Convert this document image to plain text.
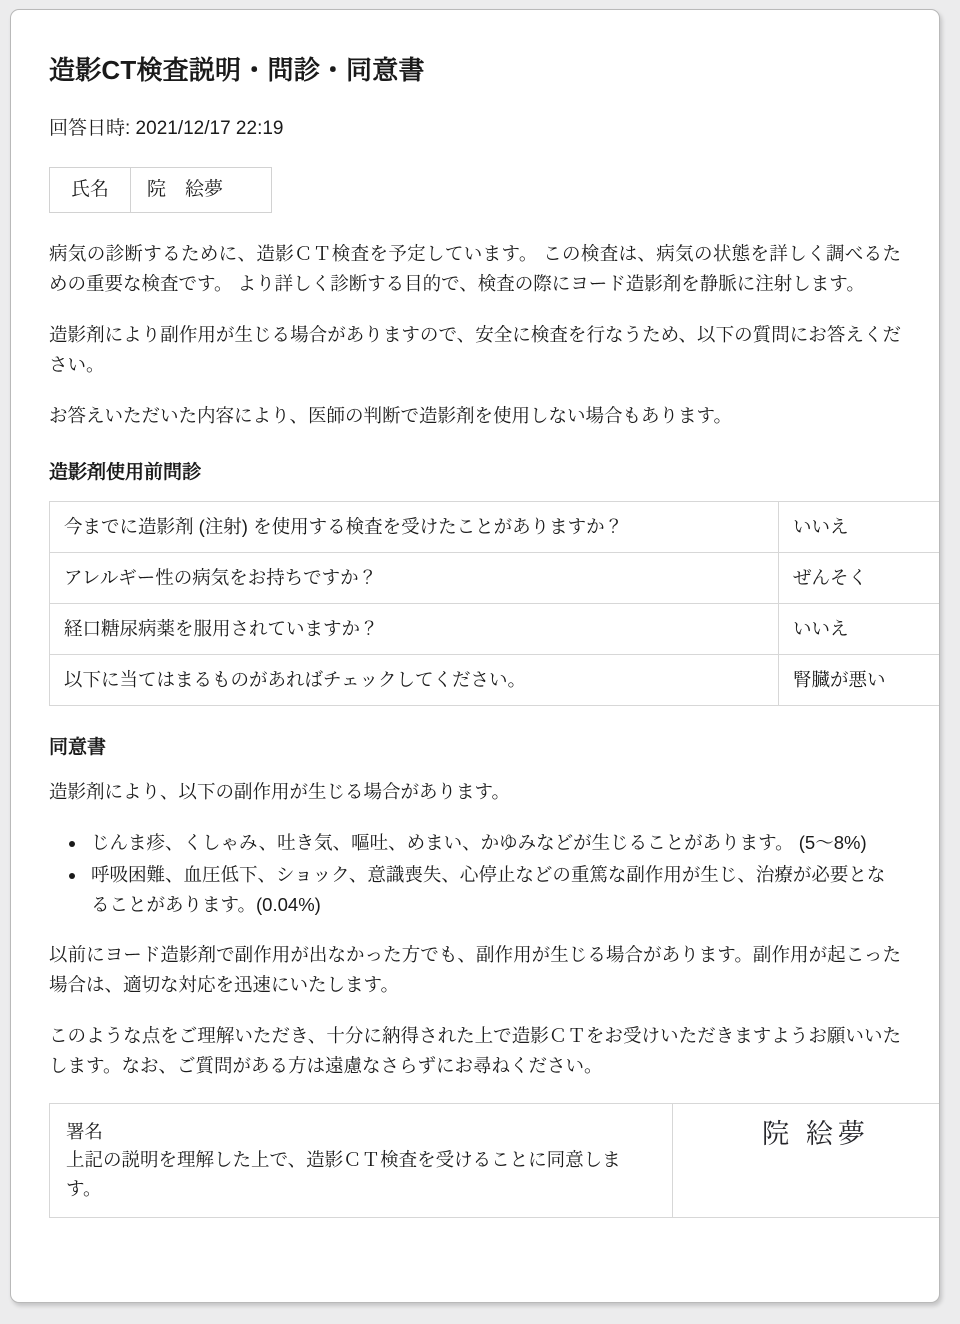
造影CT検査説明・問診・同意書
回答日時: 2021/12/17 22:19
氏名	院　絵夢

病気の診断するために、造影ＣＴ検査を予定しています。 この検査は、病気の状態を詳しく調べるための重要な検査です。 より詳しく診断する目的で、検査の際にヨード造影剤を静脈に注射します。

造影剤により副作用が生じる場合がありますので、安全に検査を行なうため、以下の質問にお答えください。

お答えいただいた内容により、医師の判断で造影剤を使用しない場合もあります。

造影剤使用前問診
今までに造影剤 (注射) を使用する検査を受けたことがありますか？	いいえ
アレルギー性の病気をお持ちですか？	ぜんそく
経口糖尿病薬を服用されていますか？	いいえ
以下に当てはまるものがあればチェックしてください。	腎臓が悪い
同意書

造影剤により、以下の副作用が生じる場合があります。

• じんま疹、くしゃみ、吐き気、嘔吐、めまい、かゆみなどが生じることがあります。 (5〜8%)
• 呼吸困難、血圧低下、ショック、意識喪失、心停止などの重篤な副作用が生じ、治療が必要となることがあります。(0.04%)

以前にヨード造影剤で副作用が出なかった方でも、副作用が生じる場合があります。副作用が起こった場合は、適切な対応を迅速にいたします。

このような点をご理解いただき、十分に納得された上で造影ＣＴをお受けいただきますようお願いいたします。なお、ご質問がある方は遠慮なさらずにお尋ねください。

署名
上記の説明を理解した上で、造影ＣＴ検査を受けることに同意します。
	院 絵夢
